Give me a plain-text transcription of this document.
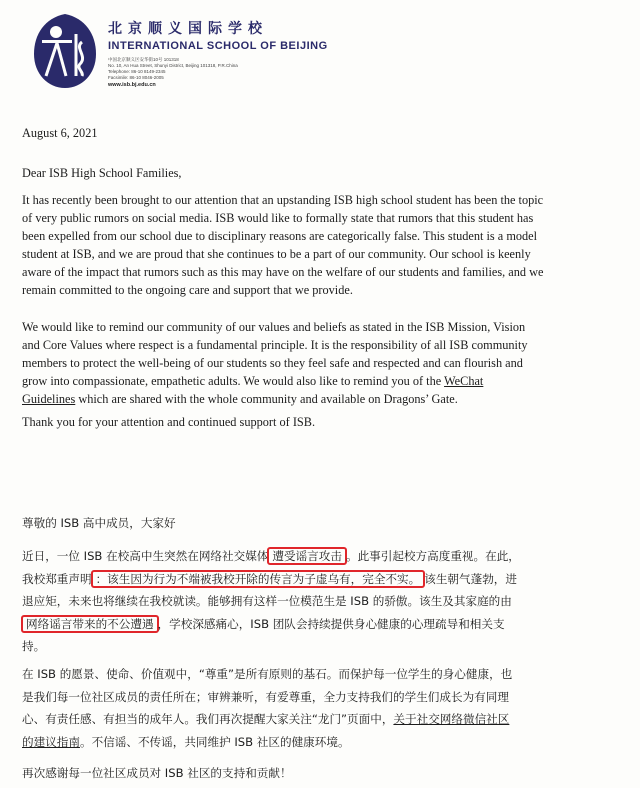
北京顺义国际学校
INTERNATIONAL SCHOOL OF BEIJING
中国北京顺义区安华街10号 101318
No. 10, An Hua Street, Shunyi District, Beijing 101318, P.R.China
Telephone: 86-10 8149-2345
Facsimile: 86-10 8046-2005
www.isb.bj.edu.cn
August 6, 2021
Dear ISB High School Families,

It has recently been brought to our attention that an upstanding ISB high school student has been the topic

of very public rumors on social media. ISB would like to formally state that rumors that this student has

been expelled from our school due to disciplinary reasons are categorically false. This student is a model

student at ISB, and we are proud that she continues to be a part of our community. Our school is keenly

aware of the impact that rumors such as this may have on the welfare of our students and families, and we

remain committed to the ongoing care and support that we provide.

We would like to remind our community of our values and beliefs as stated in the ISB Mission, Vision

and Core Values where respect is a fundamental principle. It is the responsibility of all ISB community

members to protect the well-being of our students so they feel safe and respected and can flourish and

grow into compassionate, empathetic adults. We would also like to remind you of the WeChat

Guidelines which are shared with the whole community and available on Dragons’ Gate.

Thank you for your attention and continued support of ISB.
尊敬的 ISB 高中成员，大家好

近日，一位 ISB 在校高中生突然在网络社交媒体 遭受谣言攻击 。此事引起校方高度重视。在此，

我校郑重声明 ：该生因为行为不端被我校开除的传言为子虚乌有，完全不实。 该生朝气蓬勃，进

退应矩，未来也将继续在我校就读。能够拥有这样一位模范生是 ISB 的骄傲。该生及其家庭的由

网络谣言带来的不公遭遇 ，学校深感痛心，ISB 团队会持续提供身心健康的心理疏导和相关支

持。

在 ISB 的愿景、使命、价值观中，“尊重”是所有原则的基石。而保护每一位学生的身心健康，也

是我们每一位社区成员的责任所在；审辨兼听，有爱尊重，全力支持我们的学生们成长为有同理

心、有责任感、有担当的成年人。我们再次提醒大家关注“龙门”页面中，关于社交网络微信社区

的建议指南。不信谣、不传谣，共同维护 ISB 社区的健康环境。

再次感谢每一位社区成员对 ISB 社区的支持和贡献！
